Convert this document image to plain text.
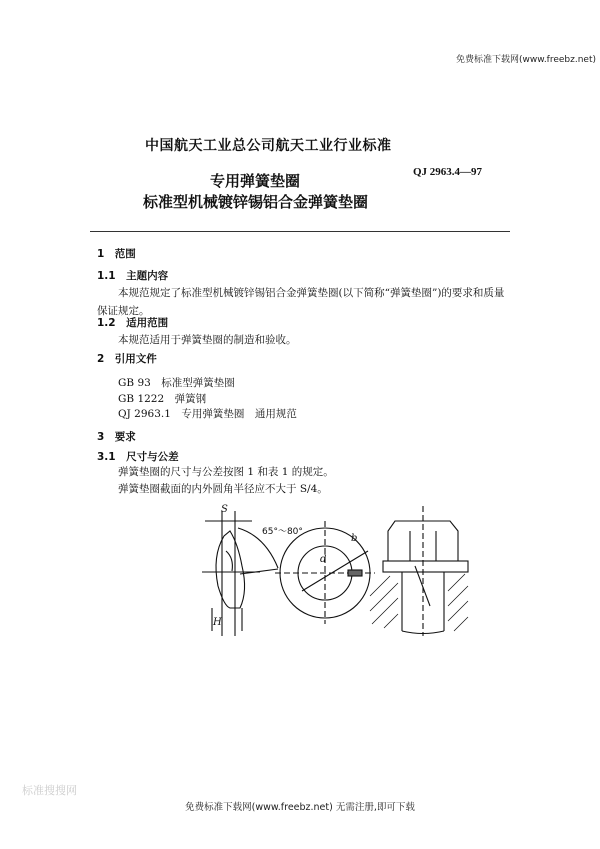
免费标准下载网(www.freebz.net)
中国航天工业总公司航天工业行业标准
QJ 2963.4—97
专用弹簧垫圈
标准型机械镀锌锡铝合金弹簧垫圈
1　范围
1.1　主题内容
本规范规定了标准型机械镀锌锡铝合金弹簧垫圈(以下简称“弹簧垫圈”)的要求和质量
保证规定。
1.2　适用范围
本规范适用于弹簧垫圈的制造和验收。
2　引用文件
GB 93　标准型弹簧垫圈
GB 1222　弹簧钢
QJ 2963.1　专用弹簧垫圈　通用规范
3　要求
3.1　尺寸与公差
弹簧垫圈的尺寸与公差按图 1 和表 1 的规定。
弹簧垫圈截面的内外圆角半径应不大于 S/4。
S
H
65°～80°
d
b
标准搜搜网
免费标准下载网(www.freebz.net) 无需注册,即可下载
